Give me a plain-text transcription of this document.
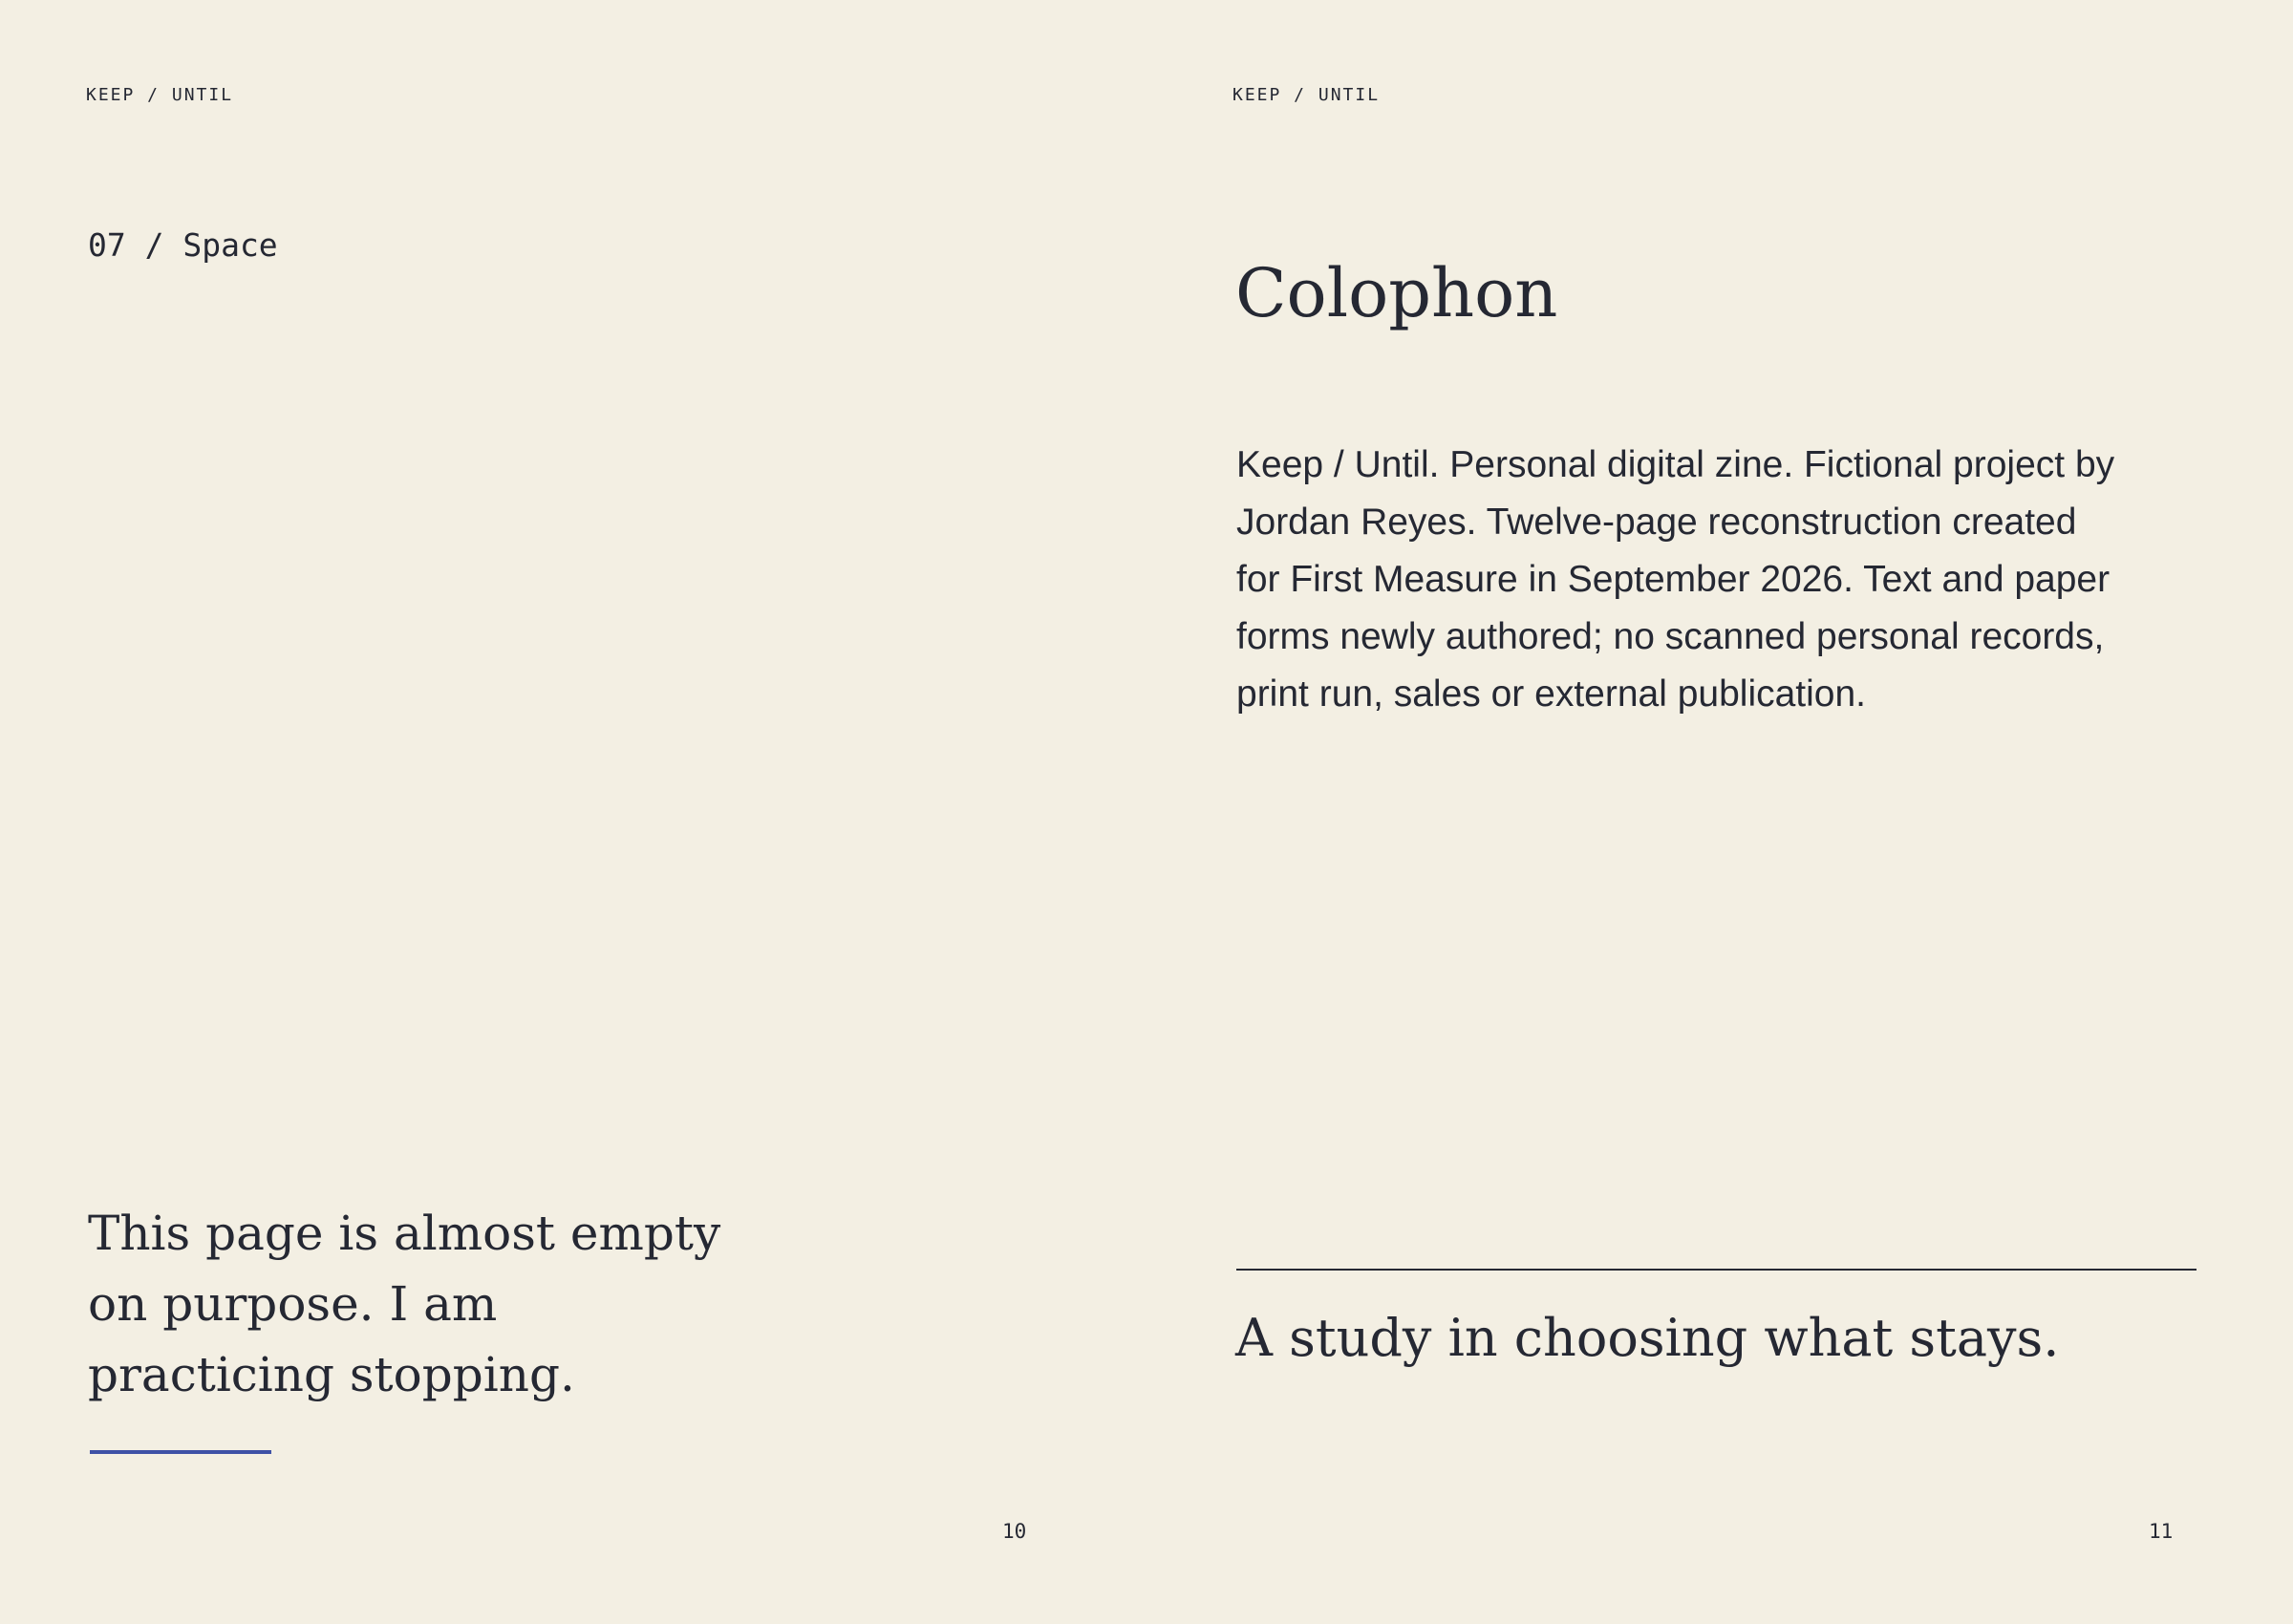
KEEP / UNTIL
07 / Space

This page is almost empty on purpose. I am practicing stopping.

10
KEEP / UNTIL
Colophon

Keep / Until. Personal digital zine. Fictional project by Jordan Reyes. Twelve-page reconstruction created for First Measure in September 2026. Text and paper forms newly authored; no scanned personal records, print run, sales or external publication.

A study in choosing what stays.

11
